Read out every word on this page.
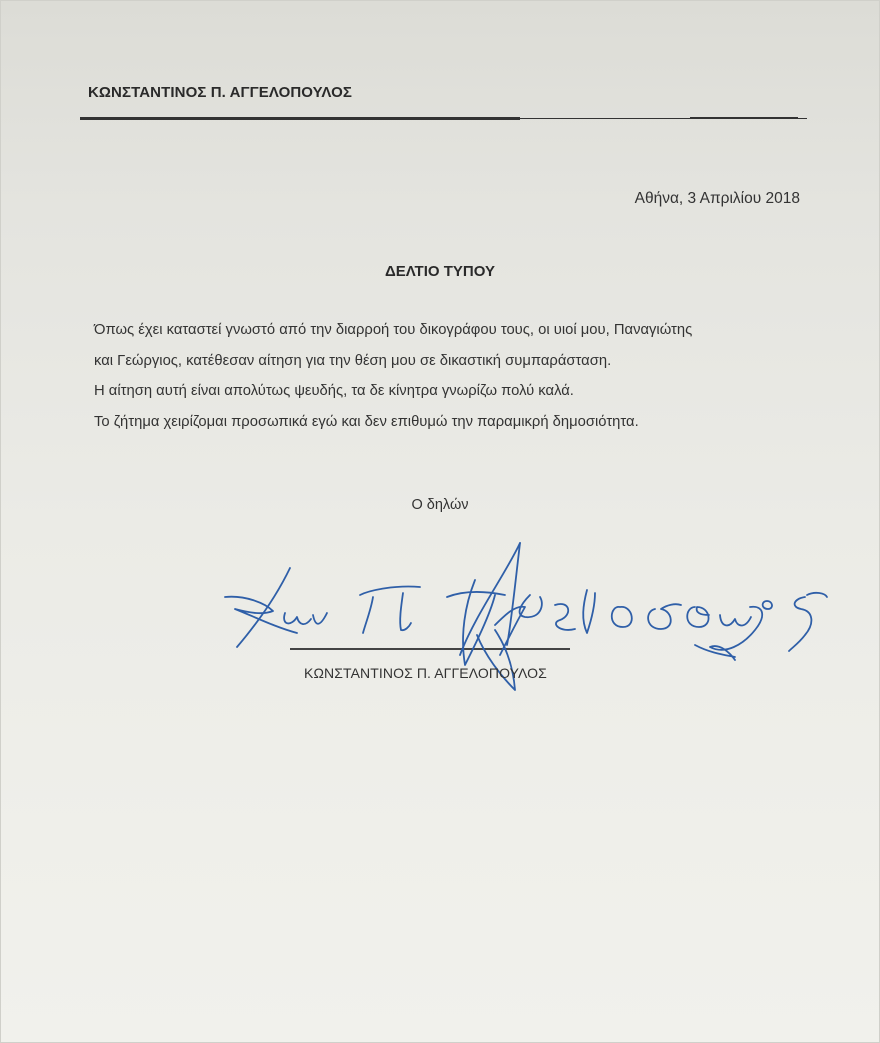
ΚΩΝΣΤΑΝΤΙΝΟΣ Π. ΑΓΓΕΛΟΠΟΥΛΟΣ
Αθήνα, 3 Απριλίου 2018
ΔΕΛΤΙΟ ΤΥΠΟΥ
Όπως έχει καταστεί γνωστό από την διαρροή του δικογράφου τους, οι υιοί μου, Παναγιώτης
και Γεώργιος, κατέθεσαν αίτηση για την θέση μου σε δικαστική συμπαράσταση.
Η αίτηση αυτή είναι απολύτως ψευδής, τα δε κίνητρα γνωρίζω πολύ καλά.
Το ζήτημα χειρίζομαι προσωπικά εγώ και δεν επιθυμώ την παραμικρή δημοσιότητα.
Ο δηλών
ΚΩΝΣΤΑΝΤΙΝΟΣ Π. ΑΓΓΕΛΟΠΟΥΛΟΣ
